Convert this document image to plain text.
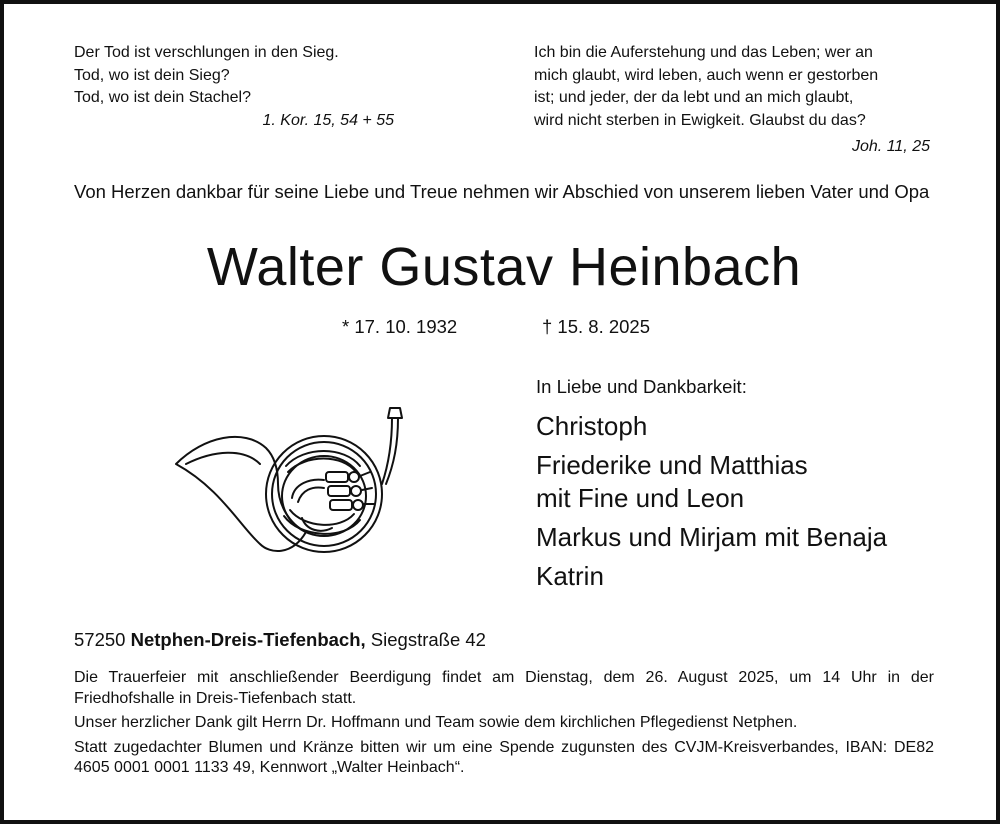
Der Tod ist verschlungen in den Sieg.
Tod, wo ist dein Sieg?
Tod, wo ist dein Stachel?
1. Kor. 15, 54 + 55
Ich bin die Auferstehung und das Leben; wer an
mich glaubt, wird leben, auch wenn er gestorben
ist; und jeder, der da lebt und an mich glaubt,
wird nicht sterben in Ewigkeit. Glaubst du das?
Joh. 11, 25
Von Herzen dankbar für seine Liebe und Treue nehmen wir Abschied von unserem lieben Vater und Opa
Walter Gustav Heinbach
* 17. 10. 1932	† 15. 8. 2025
In Liebe und Dankbarkeit:
Christoph
Friederike und Matthias
mit Fine und Leon
Markus und Mirjam mit Benaja
Katrin
57250 Netphen-Dreis-Tiefenbach, Siegstraße 42
Die Trauerfeier mit anschließender Beerdigung findet am Dienstag, dem 26. August 2025, um 14 Uhr in der Friedhofshalle in Dreis-Tiefenbach statt.
Unser herzlicher Dank gilt Herrn Dr. Hoffmann und Team sowie dem kirchlichen Pflegedienst Netphen.
Statt zugedachter Blumen und Kränze bitten wir um eine Spende zugunsten des CVJM-Kreisverbandes, IBAN: DE82 4605 0001 0001 1133 49, Kennwort „Walter Heinbach“.
